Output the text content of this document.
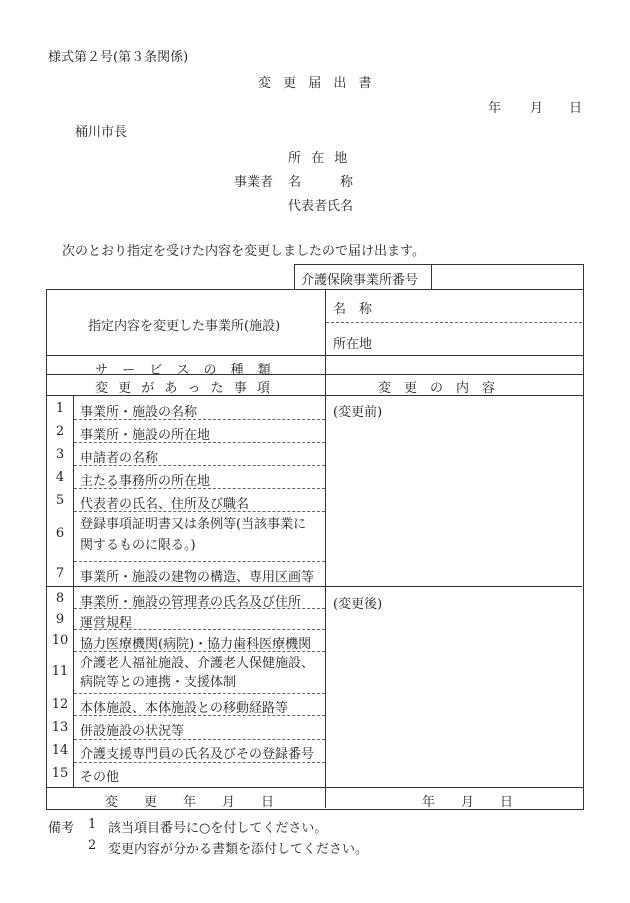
様式第２号(第３条関係)
変 更 届 出 書
年 月 日
桶川市長
所 在 地
事業者 名　　　称
代表者氏名
次のとおり指定を受けた内容を変更しましたので届け出ます。
介護保険事業所番号
指定内容を変更した事業所(施設)
名　称
所在地
サ ー ビ ス の 種 類
変 更 が あ っ た 事 項	変　更　の　内　容
(変更前)
(変更後)
1	事業所・施設の名称
2	事業所・施設の所在地
3	申請者の名称
4	主たる事務所の所在地
5	代表者の氏名、住所及び職名
6
登録事項証明書又は条例等(当該事業に
関するものに限る。)
7	事業所・施設の建物の構造、専用区画等
8	事業所・施設の管理者の氏名及び住所
9	運営規程
10 協力医療機関(病院)・協力歯科医療機関
11
介護老人福祉施設、介護老人保健施設、
病院等との連携・支援体制
12 本体施設、本体施設との移動経路等
13 併設施設の状況等
14 介護支援専門員の氏名及びその登録番号
15 その他
変　　更　　年　　月　　日	年　　月　　日
備考 1 該当項目番号に○を付してください。
2 変更内容が分かる書類を添付してください。
